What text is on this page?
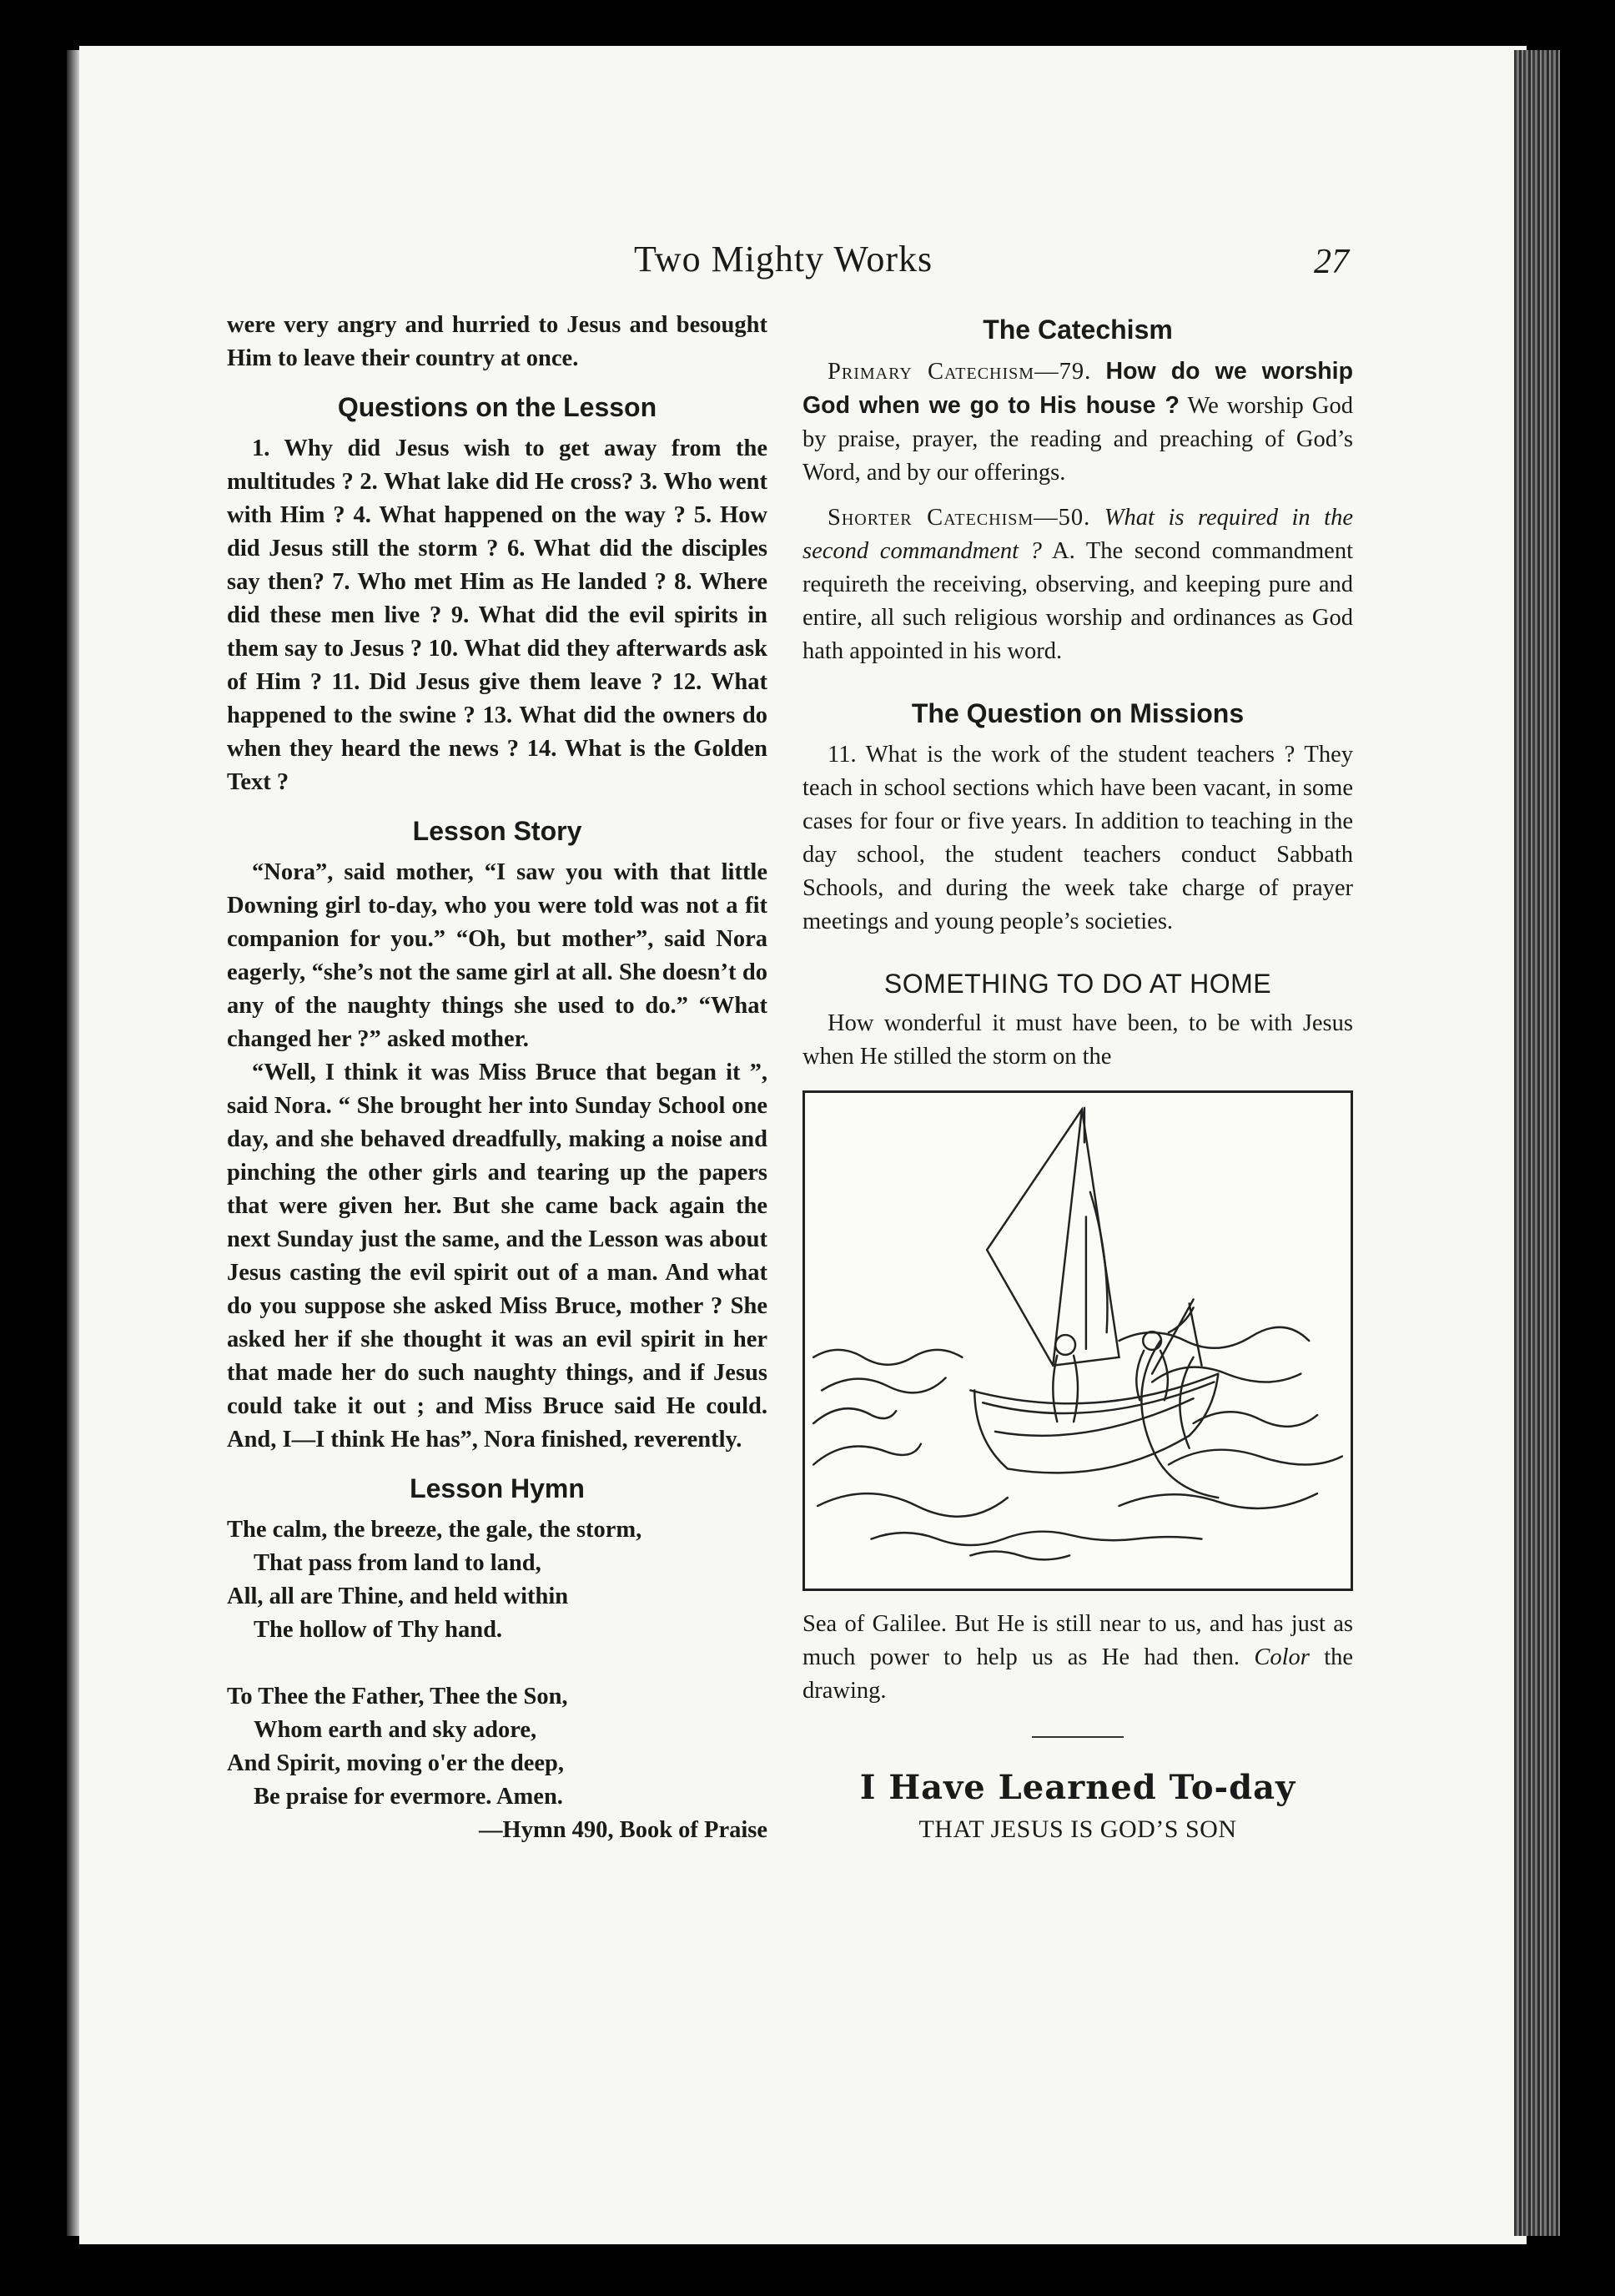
Two Mighty Works	27

were very angry and hurried to Jesus and besought Him to leave their country at once.

Questions on the Lesson

1. Why did Jesus wish to get away from the multitudes ? 2. What lake did He cross? 3. Who went with Him ? 4. What happened on the way ? 5. How did Jesus still the storm ? 6. What did the disciples say then? 7. Who met Him as He landed ? 8. Where did these men live ? 9. What did the evil spirits in them say to Jesus ? 10. What did they afterwards ask of Him ? 11. Did Jesus give them leave ? 12. What happened to the swine ? 13. What did the owners do when they heard the news ? 14. What is the Golden Text ?

Lesson Story

“Nora”, said mother, “I saw you with that little Downing girl to-day, who you were told was not a fit companion for you.” “Oh, but mother”, said Nora eagerly, “she’s not the same girl at all. She doesn’t do any of the naughty things she used to do.” “What changed her ?” asked mother.

“Well, I think it was Miss Bruce that began it ”, said Nora. “ She brought her into Sunday School one day, and she behaved dreadfully, making a noise and pinching the other girls and tearing up the papers that were given her. But she came back again the next Sunday just the same, and the Lesson was about Jesus casting the evil spirit out of a man. And what do you suppose she asked Miss Bruce, mother ? She asked her if she thought it was an evil spirit in her that made her do such naughty things, and if Jesus could take it out ; and Miss Bruce said He could. And, I—I think He has”, Nora finished, reverently.

Lesson Hymn

The calm, the breeze, the gale, the storm,

That pass from land to land,

All, all are Thine, and held within

The hollow of Thy hand.

To Thee the Father, Thee the Son,

Whom earth and sky adore,

And Spirit, moving o'er the deep,

Be praise for evermore. Amen.

—Hymn 490, Book of Praise

The Catechism

Primary Catechism—79. How do we worship God when we go to His house ? We worship God by praise, prayer, the reading and preaching of God’s Word, and by our offerings.

Shorter Catechism—50. What is required in the second commandment ? A. The second commandment requireth the receiving, observing, and keeping pure and entire, all such religious worship and ordinances as God hath appointed in his word.

The Question on Missions

11. What is the work of the student teachers ? They teach in school sections which have been vacant, in some cases for four or five years. In addition to teaching in the day school, the student teachers conduct Sabbath Schools, and during the week take charge of prayer meetings and young people’s societies.

SOMETHING TO DO AT HOME

How wonderful it must have been, to be with Jesus when He stilled the storm on the

Sea of Galilee. But He is still near to us, and has just as much power to help us as He had then. Color the drawing.

I Have Learned To-day
THAT JESUS IS GOD’S SON
